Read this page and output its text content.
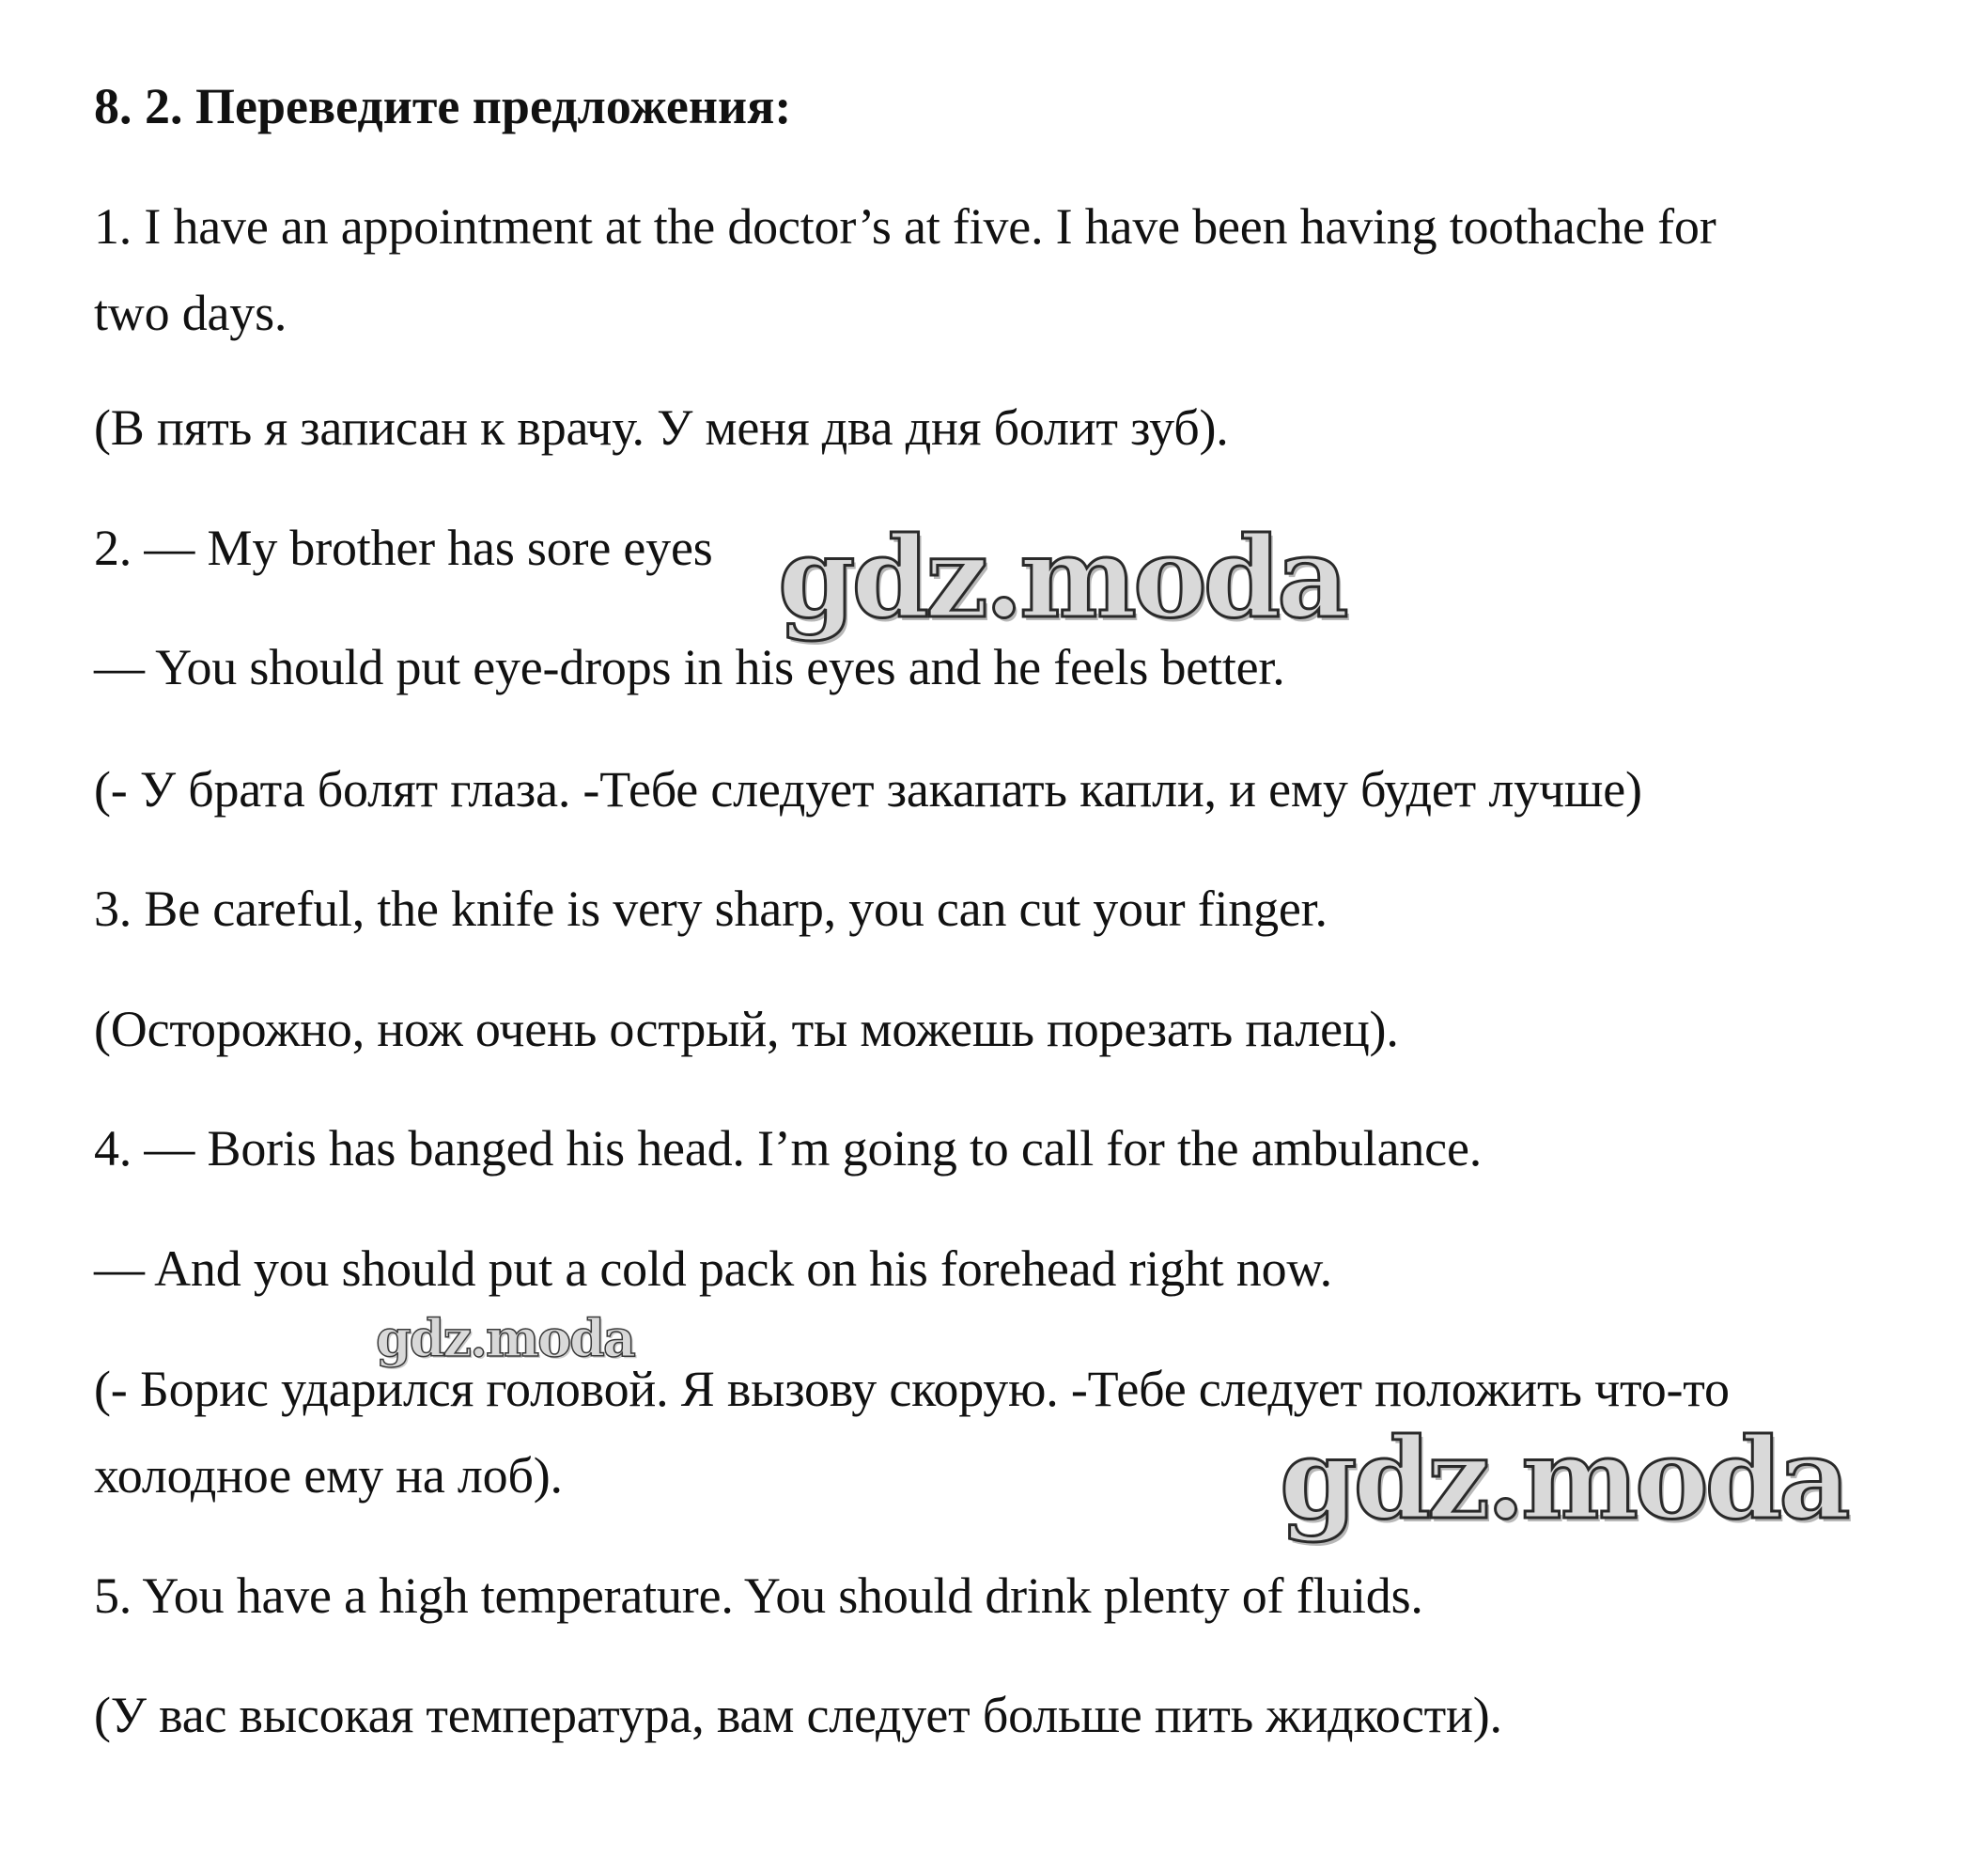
8. 2. Переведите предложения:
1. I have an appointment at the doctor’s at five. I have been having toothache for
two days.
(В пять я записан к врачу. У меня два дня болит зуб).
2. — My brother has sore eyes
— You should put eye-drops in his eyes and he feels better.
(- У брата болят глаза. -Тебе следует закапать капли, и ему будет лучше)
3. Be careful, the knife is very sharp, you can cut your finger.
(Осторожно, нож очень острый, ты можешь порезать палец).
4. — Boris has banged his head. I’m going to call for the ambulance.
— And you should put a cold pack on his forehead right now.
(- Борис ударился головой. Я вызову скорую. -Тебе следует положить что-то
холодное ему на лоб).
5. You have a high temperature. You should drink plenty of fluids.
(У вас высокая температура, вам следует больше пить жидкости).
gdz.moda
gdz.moda
gdz.moda
